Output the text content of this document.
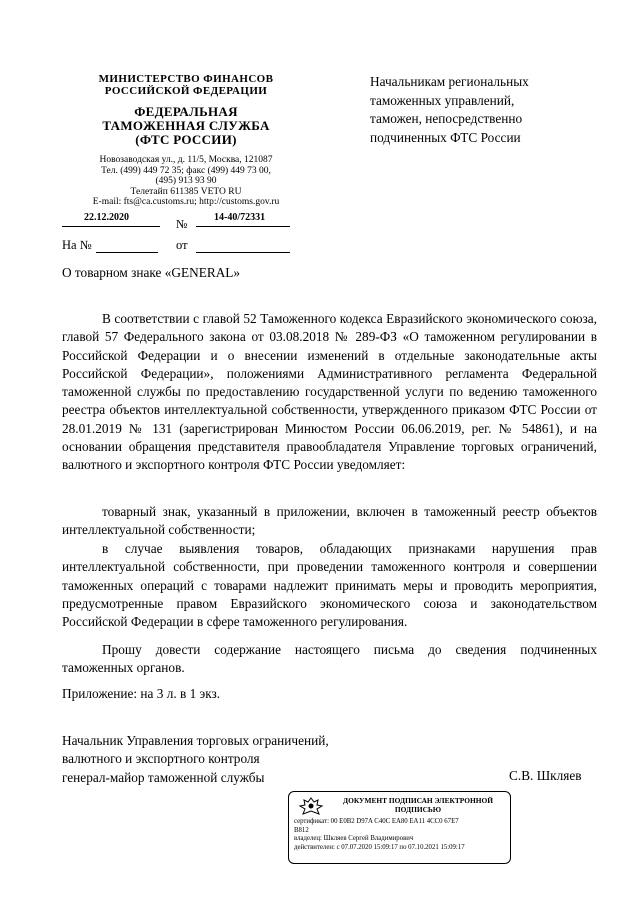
МИНИСТЕРСТВО ФИНАНСОВ
РОССИЙСКОЙ ФЕДЕРАЦИИ
ФЕДЕРАЛЬНАЯ
ТАМОЖЕННАЯ СЛУЖБА
(ФТС РОССИИ)
Новозаводская ул., д. 11/5, Москва, 121087
Тел. (499) 449 72 35; факс (499) 449 73 00,
(495) 913 93 90
Телетайп 611385 VETO RU
E-mail: fts@ca.customs.ru; http://customs.gov.ru
22.12.2020	№	14-40/72331
На №	от
Начальникам региональных
таможенных управлений,
таможен, непосредственно
подчиненных ФТС России
О товарном знаке «GENERAL»
В соответствии с главой 52 Таможенного кодекса Евразийского экономического союза, главой 57 Федерального закона от 03.08.2018 № 289-ФЗ «О таможенном регулировании в Российской Федерации и о внесении изменений в отдельные законодательные акты Российской Федерации», положениями Административного регламента Федеральной таможенной службы по предоставлению государственной услуги по ведению таможенного реестра объектов интеллектуальной собственности, утвержденного приказом ФТС России от 28.01.2019 № 131 (зарегистрирован Минюстом России 06.06.2019, рег. № 54861), и на основании обращения представителя правообладателя Управление торговых ограничений, валютного и экспортного контроля ФТС России уведомляет:
товарный знак, указанный в приложении, включен в таможенный реестр объектов интеллектуальной собственности;
в случае выявления товаров, обладающих признаками нарушения прав интеллектуальной собственности, при проведении таможенного контроля и совершении таможенных операций с товарами надлежит принимать меры и проводить мероприятия, предусмотренные правом Евразийского экономического союза и законодательством Российской Федерации в сфере таможенного регулирования.
Прошу довести содержание настоящего письма до сведения подчиненных таможенных органов.
Приложение: на 3 л. в 1 экз.
Начальник Управления торговых ограничений,
валютного и экспортного контроля
генерал-майор таможенной службы	С.В. Шкляев
ДОКУМЕНТ ПОДПИСАН ЭЛЕКТРОННОЙ
ПОДПИСЬЮ
сертификат: 00 E0B2 D97A C40C EA80 EA11 4CC0 67E7
B812
владелец: Шкляев Сергей Владимирович
действителен: с 07.07.2020 15:09:17 по 07.10.2021 15:09:17
